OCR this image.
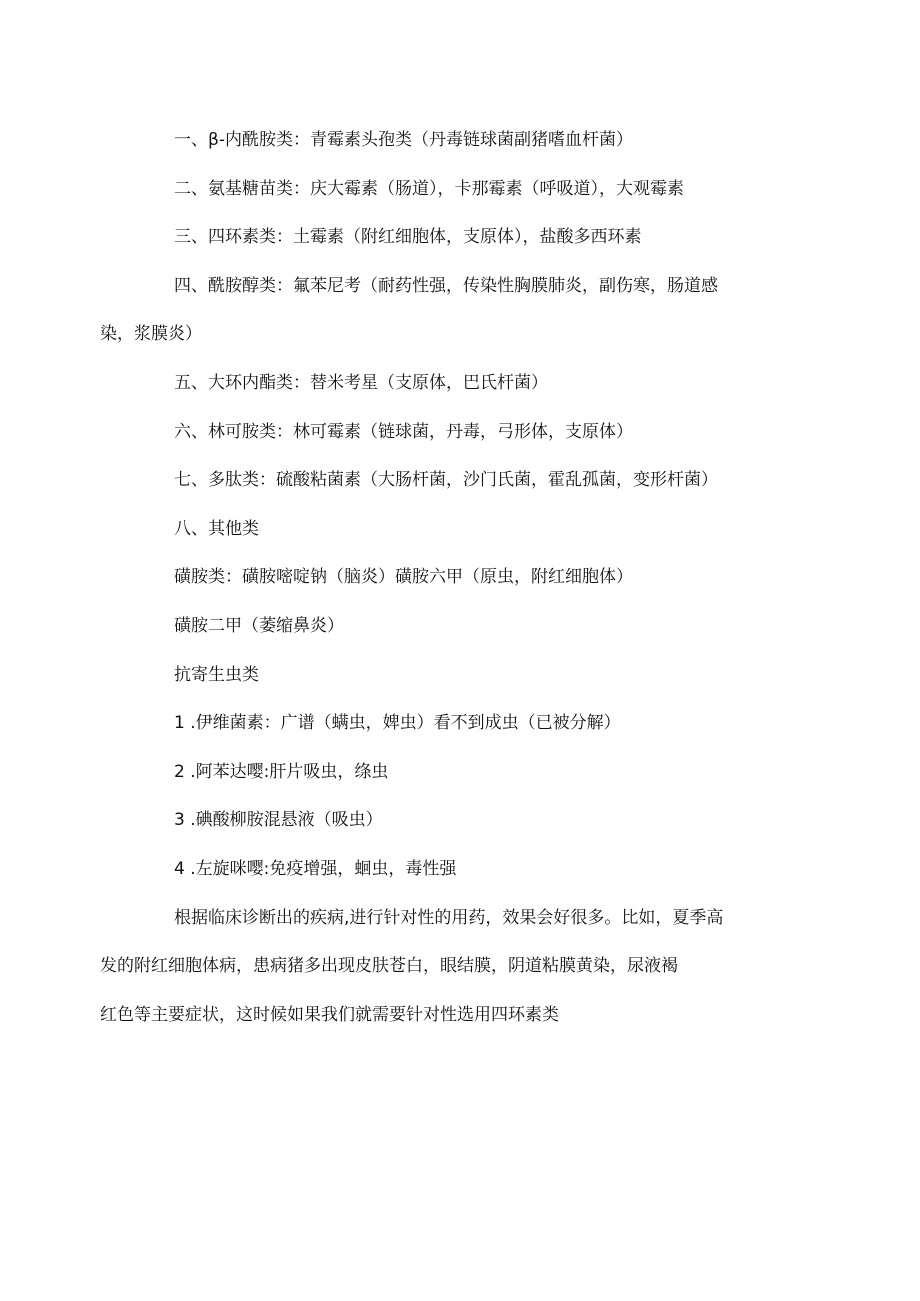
一、β-内酰胺类：青霉素头孢类（丹毒链球菌副猪嗜血杆菌）

二、氨基糖苗类：庆大霉素（肠道），卡那霉素（呼吸道），大观霉素

三、四环素类：土霉素（附红细胞体，支原体），盐酸多西环素

四、酰胺醇类：氟苯尼考（耐药性强，传染性胸膜肺炎，副伤寒，肠道感
染，浆膜炎）

五、大环内酯类：替米考星（支原体，巴氏杆菌）

六、林可胺类：林可霉素（链球菌，丹毒，弓形体，支原体）

七、多肽类：硫酸粘菌素（大肠杆菌，沙门氏菌，霍乱孤菌，变形杆菌）

八、其他类

磺胺类：磺胺嘧啶钠（脑炎）磺胺六甲（原虫，附红细胞体）

磺胺二甲（萎缩鼻炎）

抗寄生虫类

1 .伊维菌素：广谱（螨虫，婢虫）看不到成虫（已被分解）

2 .阿苯达嘤:肝片吸虫，绦虫

3 .碘酸柳胺混悬液（吸虫）

4 .左旋咪嘤:免疫增强，蛔虫，毒性强

根据临床诊断出的疾病,进行针对性的用药，效果会好很多。比如，夏季高
发的附红细胞体病，患病猪多出现皮肤苍白，眼结膜，阴道粘膜黄染，尿液褐
红色等主要症状，这时候如果我们就需要针对性选用四环素类
